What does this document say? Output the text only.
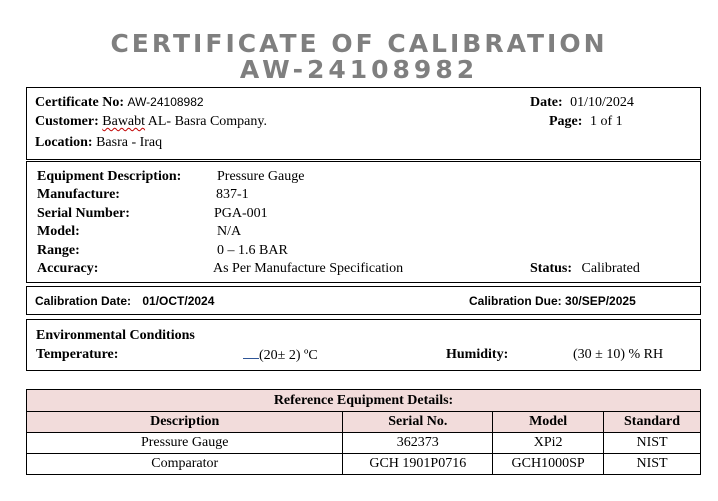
CERTIFICATE OF CALIBRATION
AW-24108982
Certificate No: AW-24108982
Customer: Bawabt AL- Basra Company.
Location: Basra - Iraq
Date: 01/10/2024
Page: 1 of 1
Equipment Description:	Pressure Gauge
Manufacture:	837-1
Serial Number:	PGA-001
Model:	N/A
Range:	0 – 1.6 BAR
Accuracy:	As Per Manufacture Specification	Status: Calibrated
Calibration Date: 01/OCT/2024	Calibration Due: 30/SEP/2025
Environmental Conditions
Temperature:	(20± 2) ºC	Humidity:	(30 ± 10) % RH
Reference Equipment Details:			
Description	Serial No.	Model	Standard
Pressure Gauge	362373	XPi2	NIST
Comparator	GCH 1901P0716	GCH1000SP	NIST
